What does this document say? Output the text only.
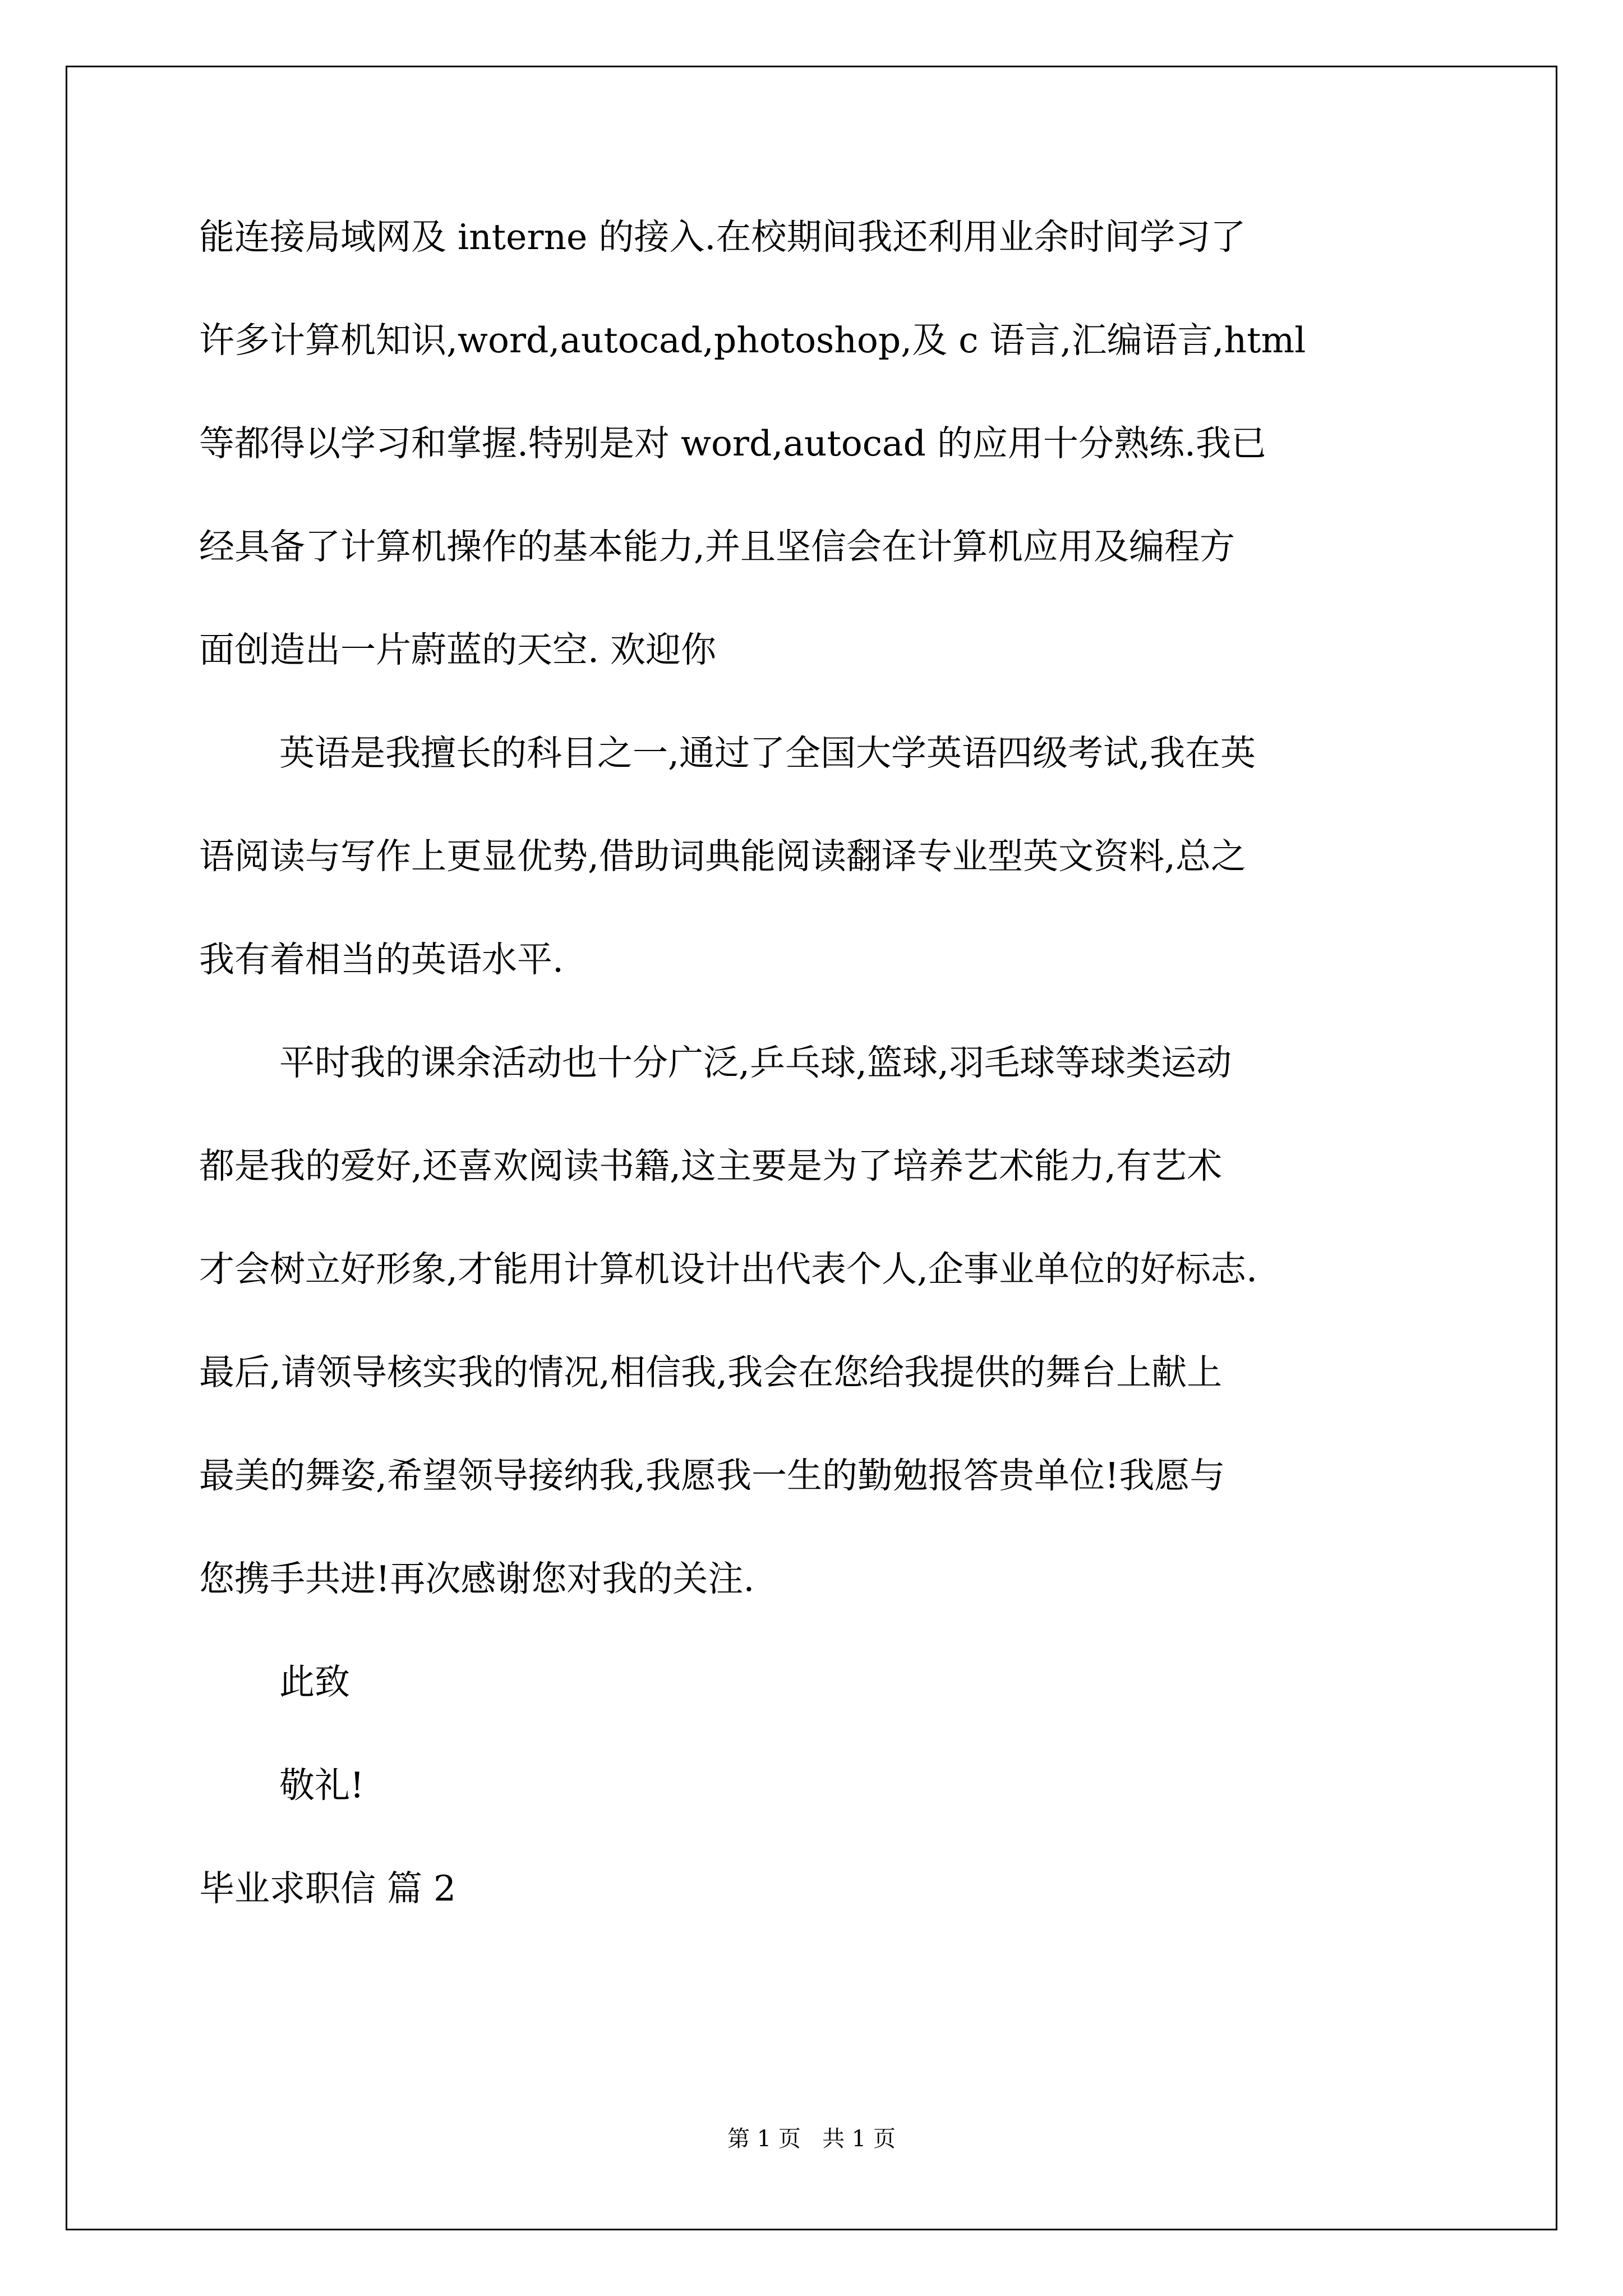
能连接局域网及 interne 的接入.在校期间我还利用业余时间学习了
许多计算机知识,word,autocad,photoshop,及 c 语言,汇编语言,html
等都得以学习和掌握.特别是对 word,autocad 的应用十分熟练.我已
经具备了计算机操作的基本能力,并且坚信会在计算机应用及编程方
面创造出一片蔚蓝的天空. 欢迎你
英语是我擅长的科目之一,通过了全国大学英语四级考试,我在英
语阅读与写作上更显优势,借助词典能阅读翻译专业型英文资料,总之
我有着相当的英语水平.
平时我的课余活动也十分广泛,乒乓球,篮球,羽毛球等球类运动
都是我的爱好,还喜欢阅读书籍,这主要是为了培养艺术能力,有艺术
才会树立好形象,才能用计算机设计出代表个人,企事业单位的好标志.
最后,请领导核实我的情况,相信我,我会在您给我提供的舞台上献上
最美的舞姿,希望领导接纳我,我愿我一生的勤勉报答贵单位!我愿与
您携手共进!再次感谢您对我的关注.
此致
敬礼!
毕业求职信 篇 2
第 1 页   共 1 页
